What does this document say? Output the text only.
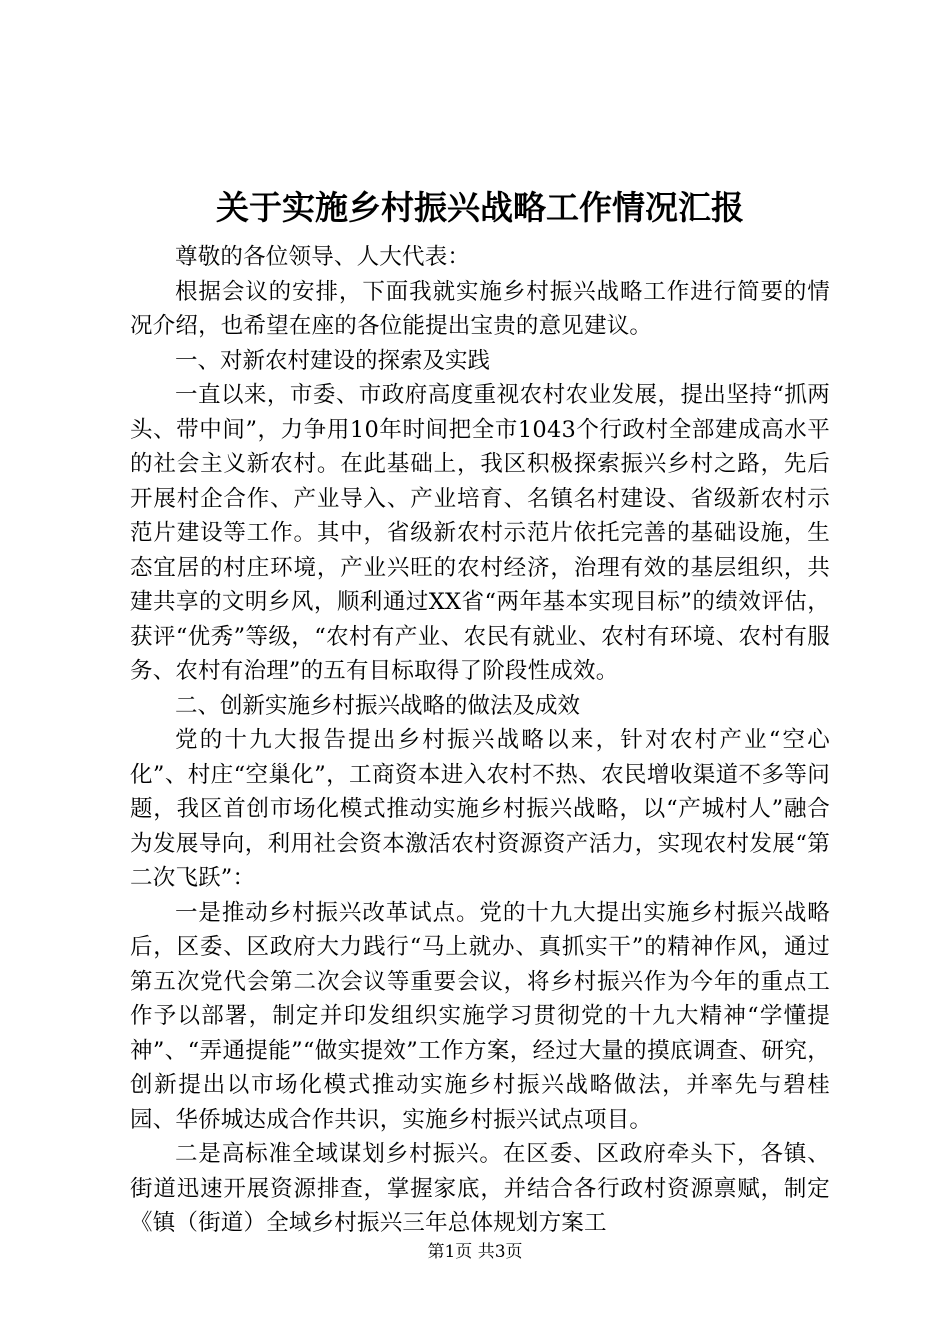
关于实施乡村振兴战略工作情况汇报

尊敬的各位领导、人大代表：

根据会议的安排，下面我就实施乡村振兴战略工作进行简要的情况介绍，也希望在座的各位能提出宝贵的意见建议。

一、对新农村建设的探索及实践

一直以来，市委、市政府高度重视农村农业发展，提出坚持“抓两头、带中间”，力争用10年时间把全市1043个行政村全部建成高水平的社会主义新农村。在此基础上，我区积极探索振兴乡村之路，先后开展村企合作、产业导入、产业培育、名镇名村建设、省级新农村示范片建设等工作。其中，省级新农村示范片依托完善的基础设施，生态宜居的村庄环境，产业兴旺的农村经济，治理有效的基层组织，共建共享的文明乡风，顺利通过XX省“两年基本实现目标”的绩效评估，获评“优秀”等级，“农村有产业、农民有就业、农村有环境、农村有服务、农村有治理”的五有目标取得了阶段性成效。

二、创新实施乡村振兴战略的做法及成效

党的十九大报告提出乡村振兴战略以来，针对农村产业“空心化”、村庄“空巢化”，工商资本进入农村不热、农民增收渠道不多等问题，我区首创市场化模式推动实施乡村振兴战略，以“产城村人”融合为发展导向，利用社会资本激活农村资源资产活力，实现农村发展“第二次飞跃”：

一是推动乡村振兴改革试点。党的十九大提出实施乡村振兴战略后，区委、区政府大力践行“马上就办、真抓实干”的精神作风，通过第五次党代会第二次会议等重要会议，将乡村振兴作为今年的重点工作予以部署，制定并印发组织实施学习贯彻党的十九大精神“学懂提神”、“弄通提能”“做实提效”工作方案，经过大量的摸底调查、研究，创新提出以市场化模式推动实施乡村振兴战略做法，并率先与碧桂园、华侨城达成合作共识，实施乡村振兴试点项目。

二是高标准全域谋划乡村振兴。在区委、区政府牵头下，各镇、街道迅速开展资源排查，掌握家底，并结合各行政村资源禀赋，制定《镇（街道）全域乡村振兴三年总体规划方案工

第1页 共3页
